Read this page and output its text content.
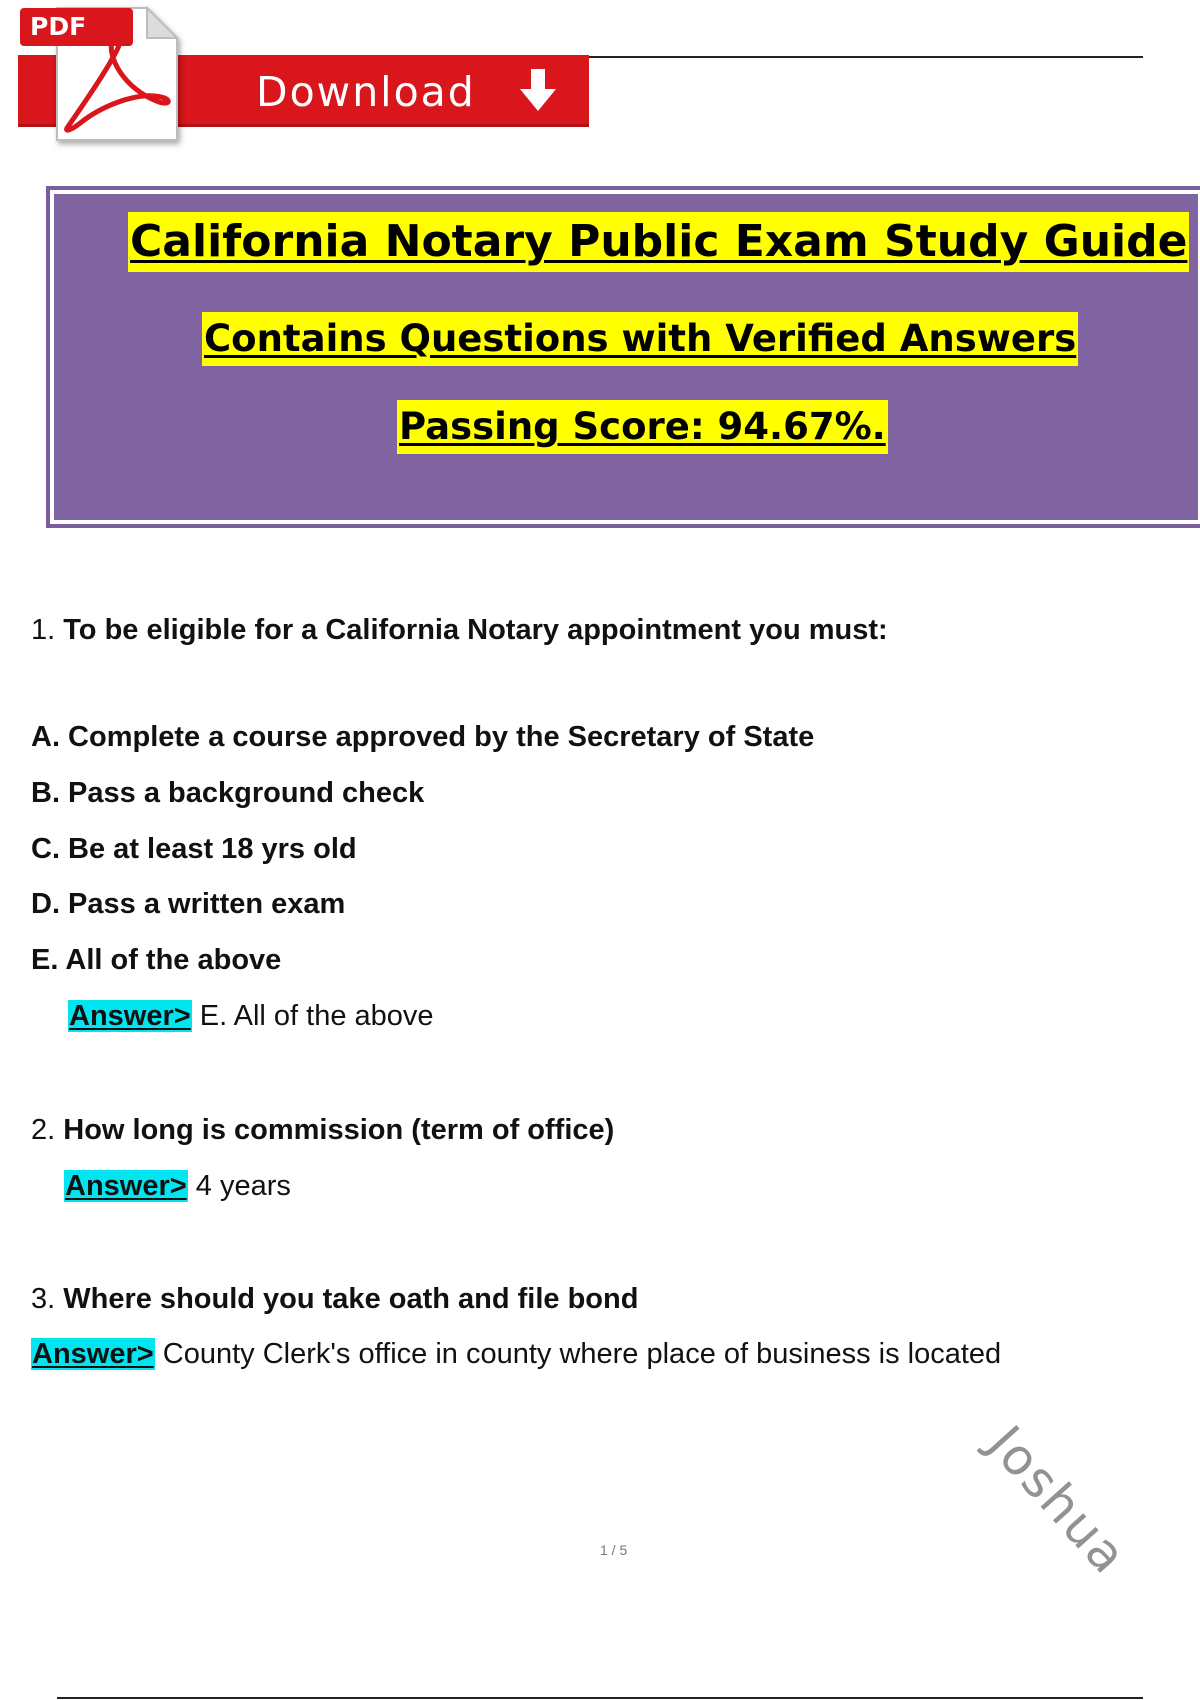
Download
PDF
California Notary Public Exam Study Guide
Contains Questions with Verified Answers
Passing Score: 94.67%.
1. To be eligible for a California Notary appointment you must:
A. Complete a course approved by the Secretary of State
B. Pass a background check
C. Be at least 18 yrs old
D. Pass a written exam
E. All of the above
Answer> E. All of the above
2. How long is commission (term of office)
Answer> 4 years
3. Where should you take oath and file bond
Answer> County Clerk's office in county where place of business is located
Joshua
1 / 5
